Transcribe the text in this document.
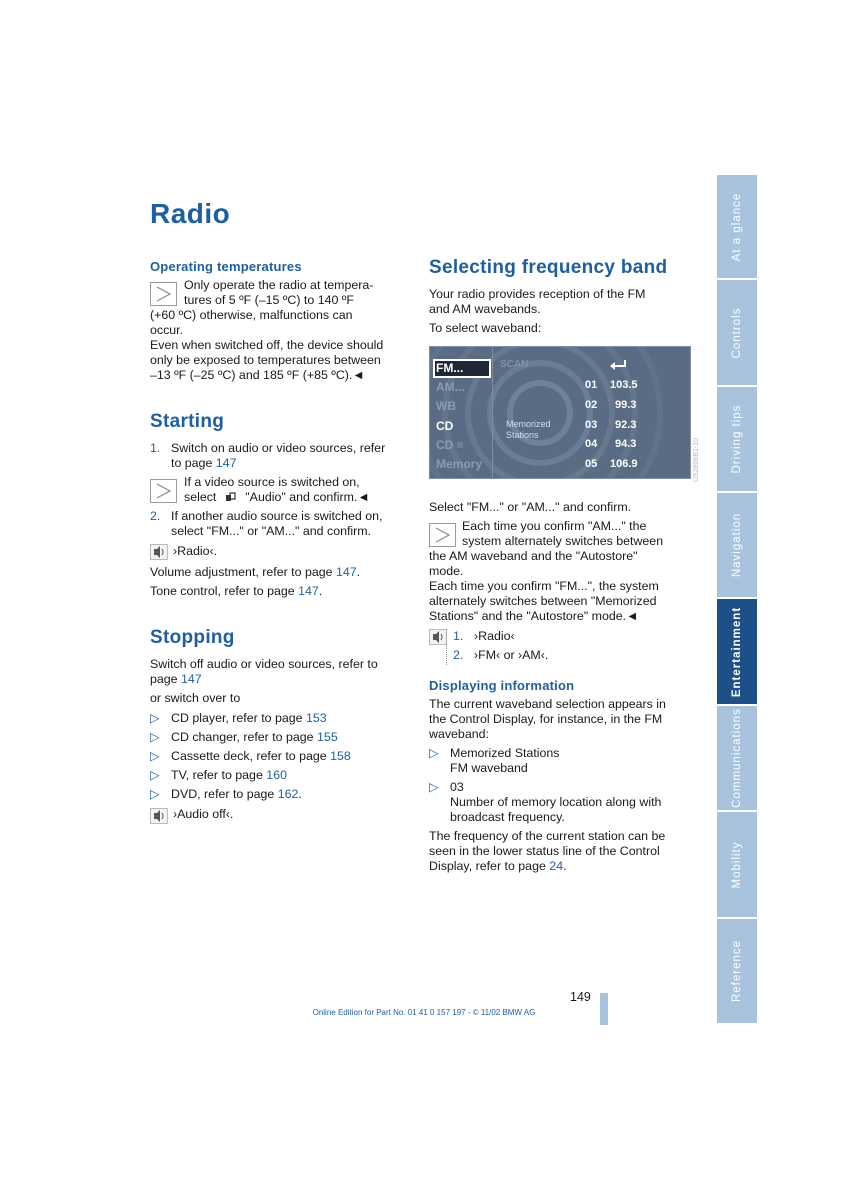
Radio
Operating temperatures
Only operate the radio at tempera-
tures of 5 ºF (–15 ºC) to 140 ºF
(+60 ºC) otherwise, malfunctions can
occur.
Even when switched off, the device should
only be exposed to temperatures between
–13 ºF (–25 ºC) and 185 ºF (+85 ºC).◄
Starting
1. Switch on audio or video sources, refer
to page 147
If a video source is switched on,
select "Audio" and confirm.◄
2. If another audio source is switched on,
select "FM..." or "AM..." and confirm.
›Radio‹.
Volume adjustment, refer to page 147.
Tone control, refer to page 147.
Stopping
Switch off audio or video sources, refer to
page 147
or switch over to
▷ CD player, refer to page 153
▷ CD changer, refer to page 155
▷ Cassette deck, refer to page 158
▷ TV, refer to page 160
▷ DVD, refer to page 162.
›Audio off‹.
Selecting frequency band
Your radio provides reception of the FM
and AM wavebands.
To select waveband:
FM...
AM...
WB
CD
CD ≡
Memory
SCAN
Memorized
Stations
01 103.5
02 99.3
03 92.3
04 94.3
05 106.9	US2806B1-10
Select "FM..." or "AM..." and confirm.
Each time you confirm "AM..." the
system alternately switches between
the AM waveband and the "Autostore"
mode.
Each time you confirm "FM...", the system
alternately switches between "Memorized
Stations" and the "Autostore" mode.◄
1. ›Radio‹
2. ›FM‹ or ›AM‹.
Displaying information
The current waveband selection appears in
the Control Display, for instance, in the FM
waveband:
▷ Memorized Stations
FM waveband
▷ 03
Number of memory location along with
broadcast frequency.
The frequency of the current station can be
seen in the lower status line of the Control
Display, refer to page 24.
At a glance
Controls
Driving tips
Navigation
Entertainment
Communications
Mobility
Reference
149
Online Edition for Part No. 01 41 0 157 197 - © 11/02 BMW AG
